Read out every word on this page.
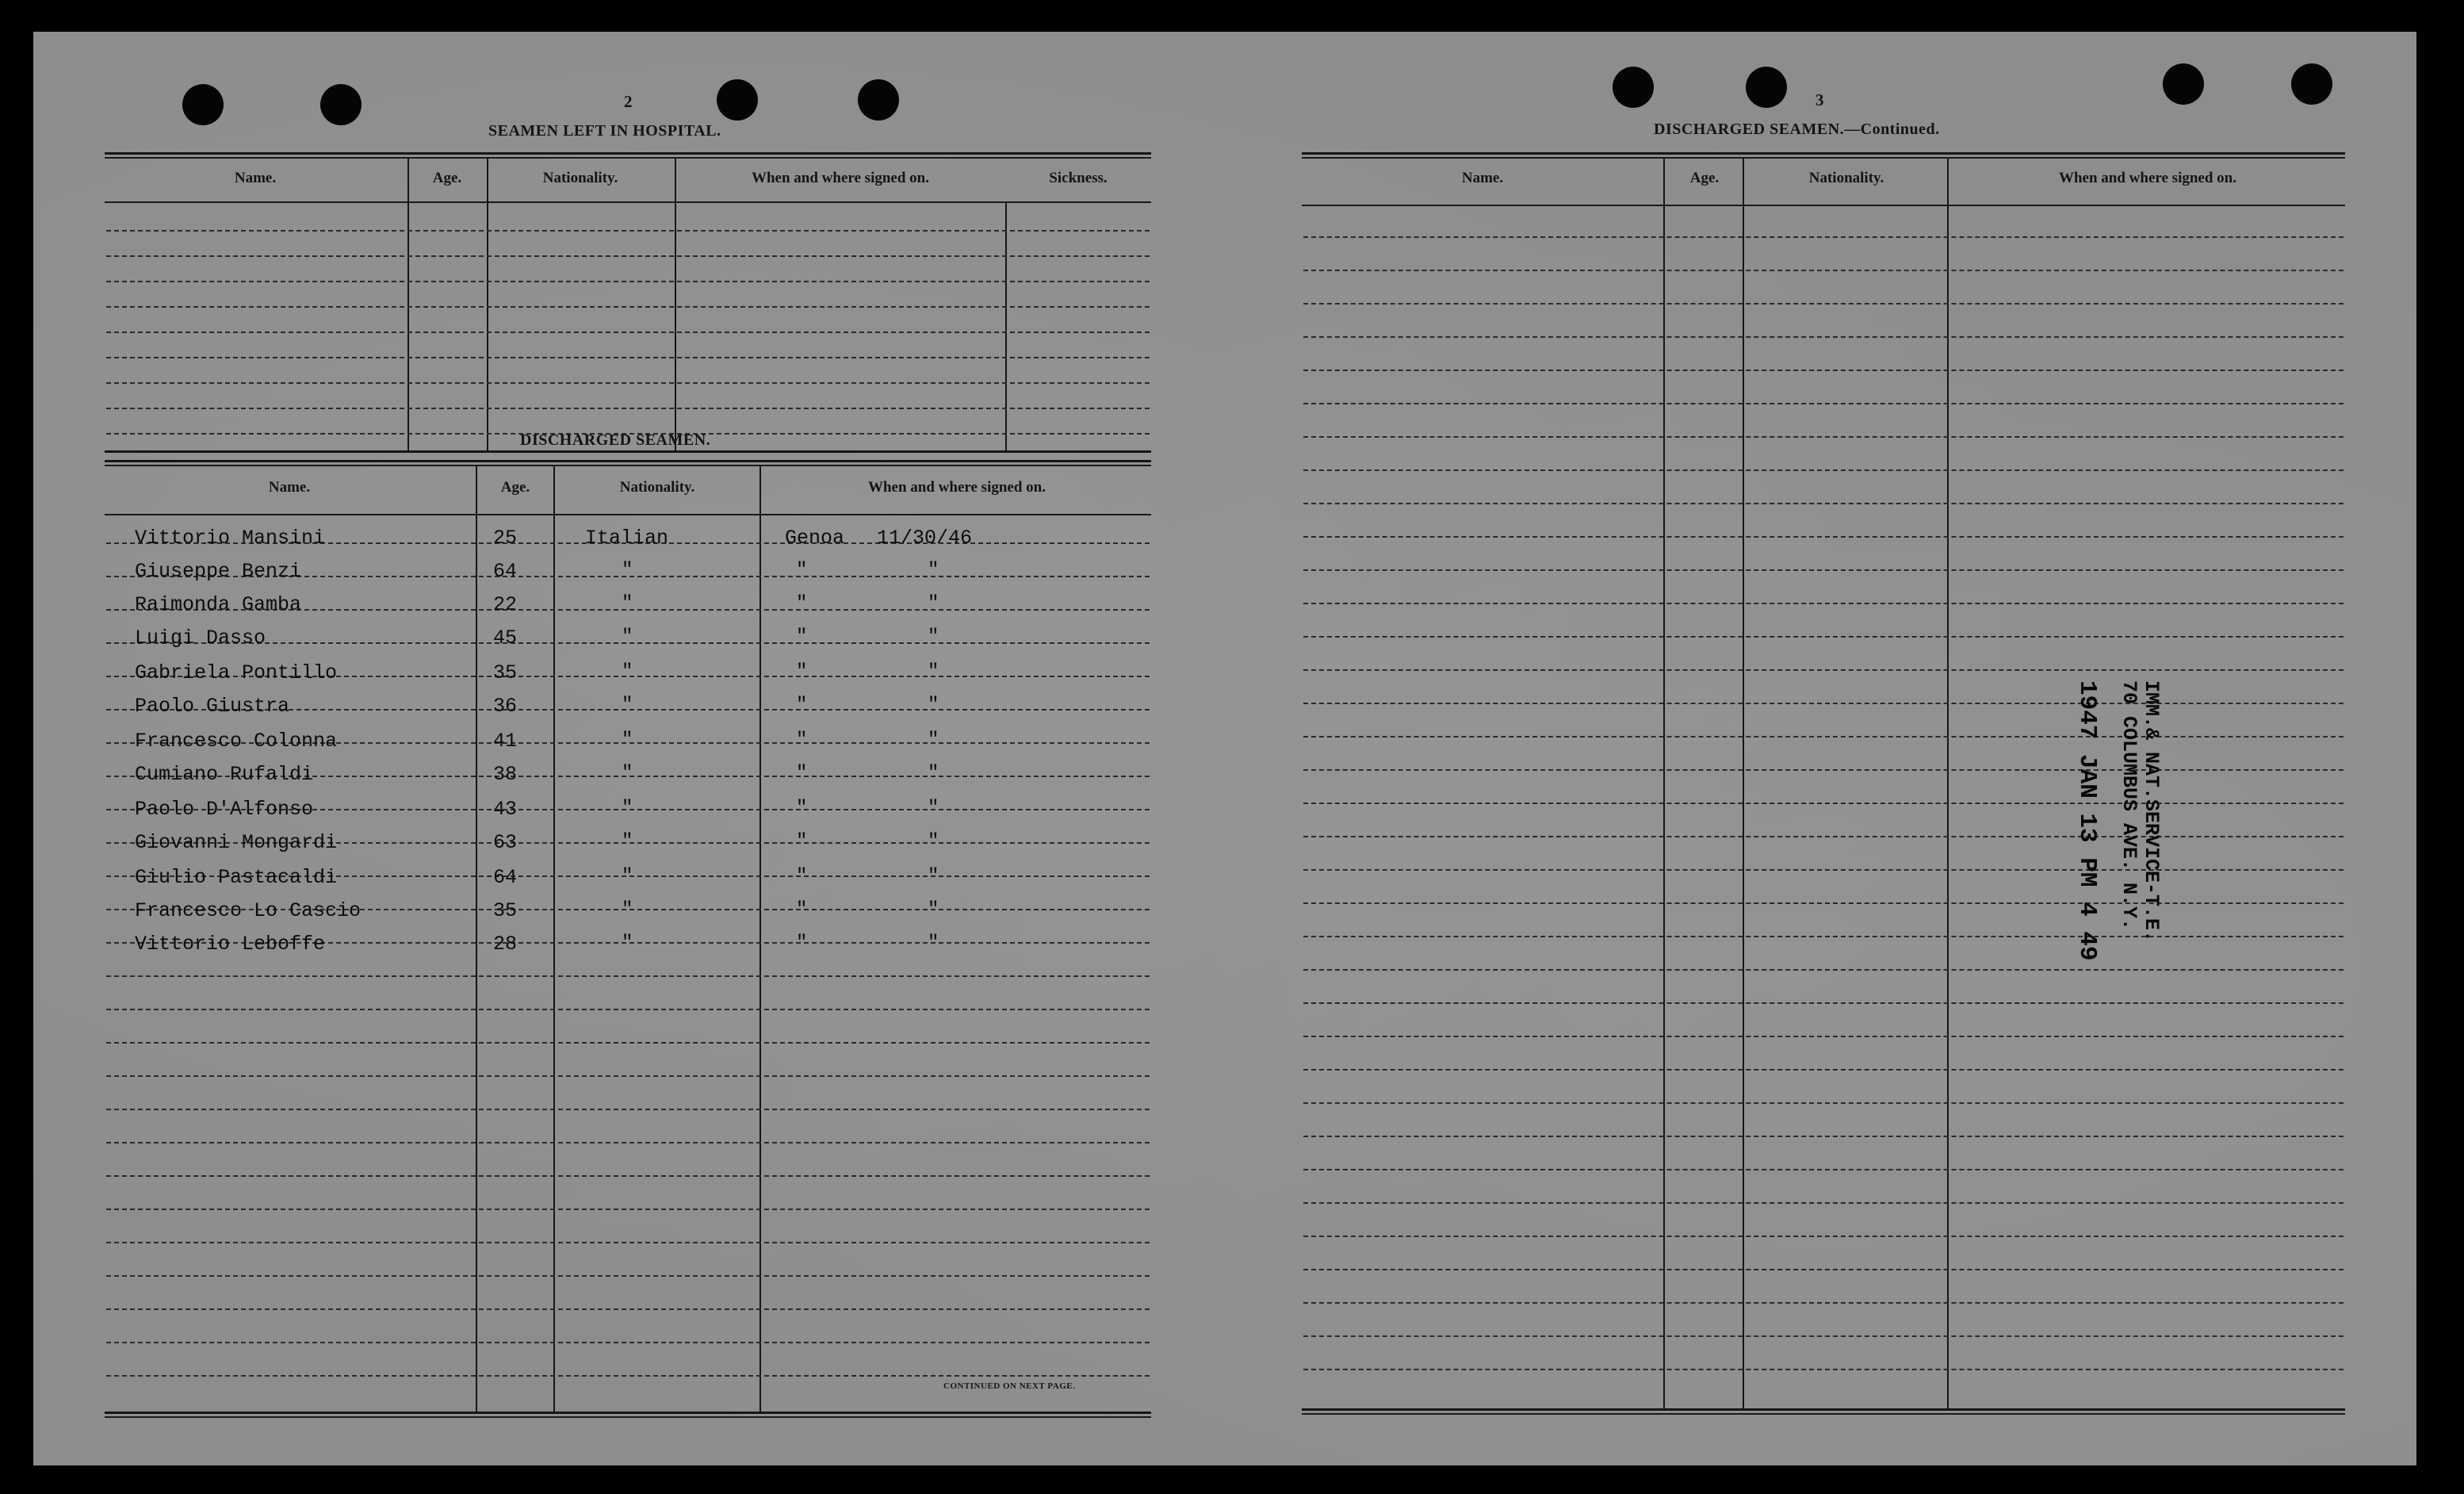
2
SEAMEN LEFT IN HOSPITAL.
Name.	Age.	Nationality.	When and where signed on.	Sickness.
DISCHARGED SEAMEN.
Name.	Age.	Nationality.	When and where signed on.
Vittorio Mansini	25	Italian	Genoa 11/30/46
Giuseppe Benzi	64	"	"	"
Raimonda Gamba	22	"	"	"
Luigi Dasso	45	"	"	"
Gabriela Pontillo	35	"	"	"
Paolo Giustra	36	"	"	"
Francesco Colonna	41	"	"	"
Cumiano Rufaldi	38	"	"	"
Paolo D'Alfonso	43	"	"	"
Giovanni Mongardi	63	"	"	"
Giulio Pastacaldi	64	"	"	"
Francesco Lo Cascio	35	"	"	"
Vittorio Leboffe	28	"	"	"
CONTINUED ON NEXT PAGE.
3
DISCHARGED SEAMEN.—Continued.
Name.	Age.	Nationality.	When and where signed on.
IMM.& NAT.SERVICE-T.E.
70 COLUMBUS AVE. N.Y.
1947 JAN 13 PM 4 49
